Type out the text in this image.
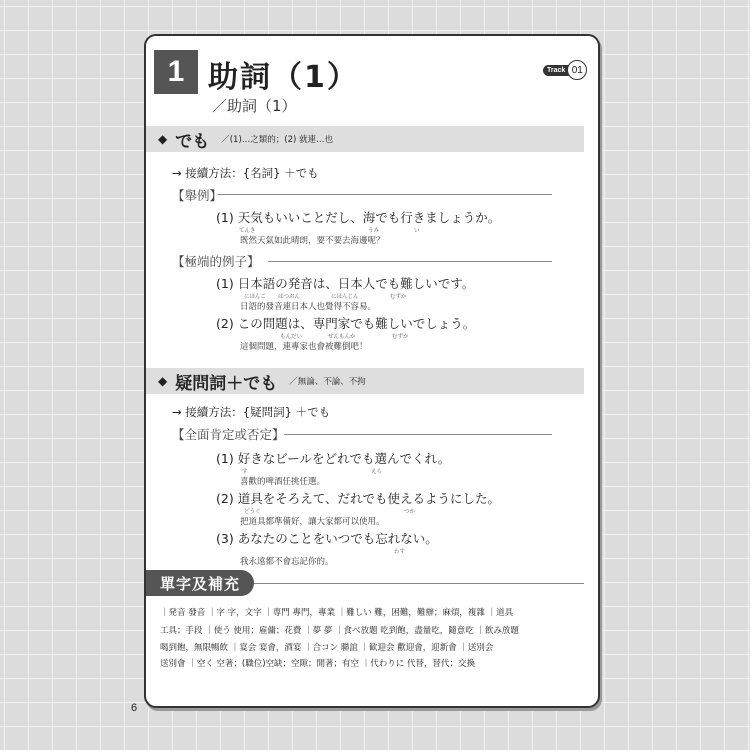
1 助詞（1）
／助詞（1）
Track 01
◆ でも ／(1)…之類的；(2) 就連…也
→ 接續方法：{名詞} ＋でも
【舉例】
(1) 天気もいいことだし、海でも行きましょうか。
てんき	うみ	い
既然天氣如此晴朗，要不要去海邊呢？
【極端的例子】
(1) 日本語の発音は、日本人でも難しいです。
にほんご はつおん	にほんじん	むずか
日語的發音連日本人也覺得不容易。
(2) この問題は、専門家でも難しいでしょう。
もんだい	せんもんか	むずか
這個問題，連專家也會被難倒吧！
◆ 疑問詞＋でも ／無論、不論、不拘
→ 接續方法：{疑問詞} ＋でも
【全面肯定或否定】
(1) 好きなビールをどれでも選んでくれ。
す	えら
喜歡的啤酒任挑任選。
(2) 道具をそろえて、だれでも使えるようにした。
どうぐ	つか
把道具都準備好，讓大家都可以使用。
(3) あなたのことをいつでも忘れない。
わす
我永遠都不會忘記你的。
單字及補充
｜発音 發音 ｜字 字，文字 ｜専門 專門，專業 ｜難しい 難，困難，難辦；麻煩，複雜 ｜道具
工具；手段 ｜使う 使用；雇傭；花費 ｜夢 夢 ｜食べ放題 吃到飽，盡量吃，隨意吃 ｜飲み放題
喝到飽，無限暢飲 ｜宴会 宴會，酒宴 ｜合コン 聯誼 ｜歓迎会 歡迎會，迎新會 ｜送別会
送別會 ｜空く 空著；(職位)空缺；空隙；閒著；有空 ｜代わりに 代替，替代；交換
6
